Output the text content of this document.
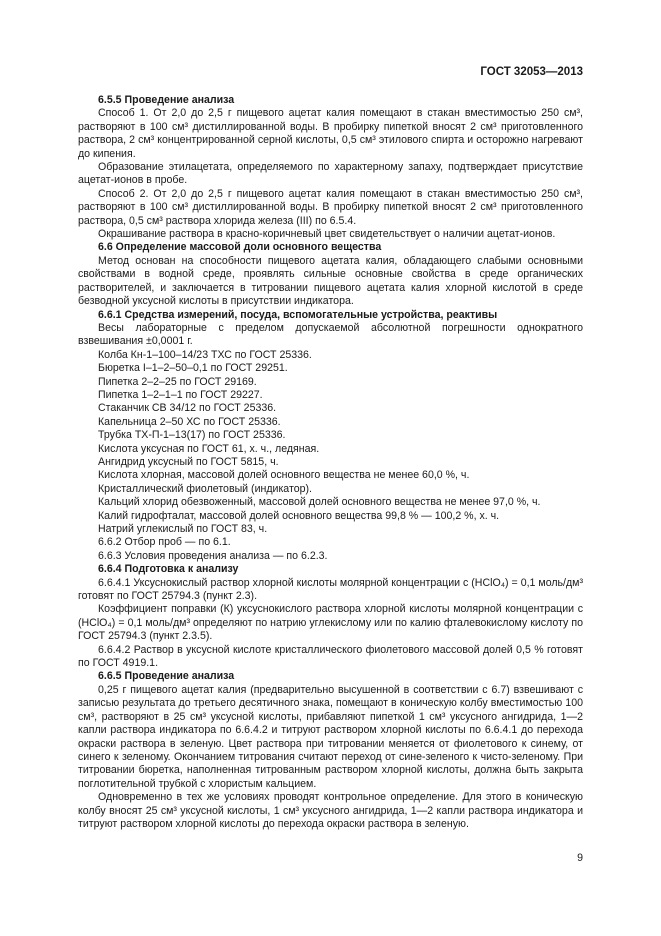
ГОСТ 32053—2013

6.5.5 Проведение анализа

Способ 1. От 2,0 до 2,5 г пищевого ацетат калия помещают в стакан вместимостью 250 см³, растворяют в 100 см³ дистиллированной воды. В пробирку пипеткой вносят 2 см³ приготовленного раствора, 2 см³ концентрированной серной кислоты, 0,5 см³ этилового спирта и осторожно нагревают до кипения.

Образование этилацетата, определяемого по характерному запаху, подтверждает присутствие ацетат-ионов в пробе.

Способ 2. От 2,0 до 2,5 г пищевого ацетат калия помещают в стакан вместимостью 250 см³, растворяют в 100 см³ дистиллированной воды. В пробирку пипеткой вносят 2 см³ приготовленного раствора, 0,5 см³ раствора хлорида железа (III) по 6.5.4.

Окрашивание раствора в красно-коричневый цвет свидетельствует о наличии ацетат-ионов.

6.6 Определение массовой доли основного вещества

Метод основан на способности пищевого ацетата калия, обладающего слабыми основными свойствами в водной среде, проявлять сильные основные свойства в среде органических растворителей, и заключается в титровании пищевого ацетата калия хлорной кислотой в среде безводной уксусной кислоты в присутствии индикатора.

6.6.1 Средства измерений, посуда, вспомогательные устройства, реактивы

Весы лабораторные с пределом допускаемой абсолютной погрешности однократного взвешивания ±0,0001 г.

Колба Кн-1–100–14/23 ТХС по ГОСТ 25336.

Бюретка I–1–2–50–0,1 по ГОСТ 29251.

Пипетка 2–2–25 по ГОСТ 29169.

Пипетка 1–2–1–1 по ГОСТ 29227.

Стаканчик СВ 34/12 по ГОСТ 25336.

Капельница 2–50 ХС по ГОСТ 25336.

Трубка ТХ-П-1–13(17) по ГОСТ 25336.

Кислота уксусная по ГОСТ 61, х. ч., ледяная.

Ангидрид уксусный по ГОСТ 5815, ч.

Кислота хлорная, массовой долей основного вещества не менее 60,0 %, ч.

Кристаллический фиолетовый (индикатор).

Кальций хлорид обезвоженный, массовой долей основного вещества не менее 97,0 %, ч.

Калий гидрофталат, массовой долей основного вещества 99,8 % — 100,2 %, х. ч.

Натрий углекислый по ГОСТ 83, ч.

6.6.2 Отбор проб — по 6.1.

6.6.3 Условия проведения анализа — по 6.2.3.

6.6.4 Подготовка к анализу

6.6.4.1 Уксуснокислый раствор хлорной кислоты молярной концентрации c (HClO₄) = 0,1 моль/дм³ готовят по ГОСТ 25794.3 (пункт 2.3).

Коэффициент поправки (К) уксуснокислого раствора хлорной кислоты молярной концентрации c (HClO₄) = 0,1 моль/дм³ определяют по натрию углекислому или по калию фталевокислому кислоту по ГОСТ 25794.3 (пункт 2.3.5).

6.6.4.2 Раствор в уксусной кислоте кристаллического фиолетового массовой долей 0,5 % готовят по ГОСТ 4919.1.

6.6.5 Проведение анализа

0,25 г пищевого ацетат калия (предварительно высушенной в соответствии с 6.7) взвешивают с записью результата до третьего десятичного знака, помещают в коническую колбу вместимостью 100 см³, растворяют в 25 см³ уксусной кислоты, прибавляют пипеткой 1 см³ уксусного ангидрида, 1—2 капли раствора индикатора по 6.6.4.2 и титруют раствором хлорной кислоты по 6.6.4.1 до перехода окраски раствора в зеленую. Цвет раствора при титровании меняется от фиолетового к синему, от синего к зеленому. Окончанием титрования считают переход от сине-зеленого к чисто-зеленому. При титровании бюретка, наполненная титрованным раствором хлорной кислоты, должна быть закрыта поглотительной трубкой с хлористым кальцием.

Одновременно в тех же условиях проводят контрольное определение. Для этого в коническую колбу вносят 25 см³ уксусной кислоты, 1 см³ уксусного ангидрида, 1—2 капли раствора индикатора и титруют раствором хлорной кислоты до перехода окраски раствора в зеленую.

9
